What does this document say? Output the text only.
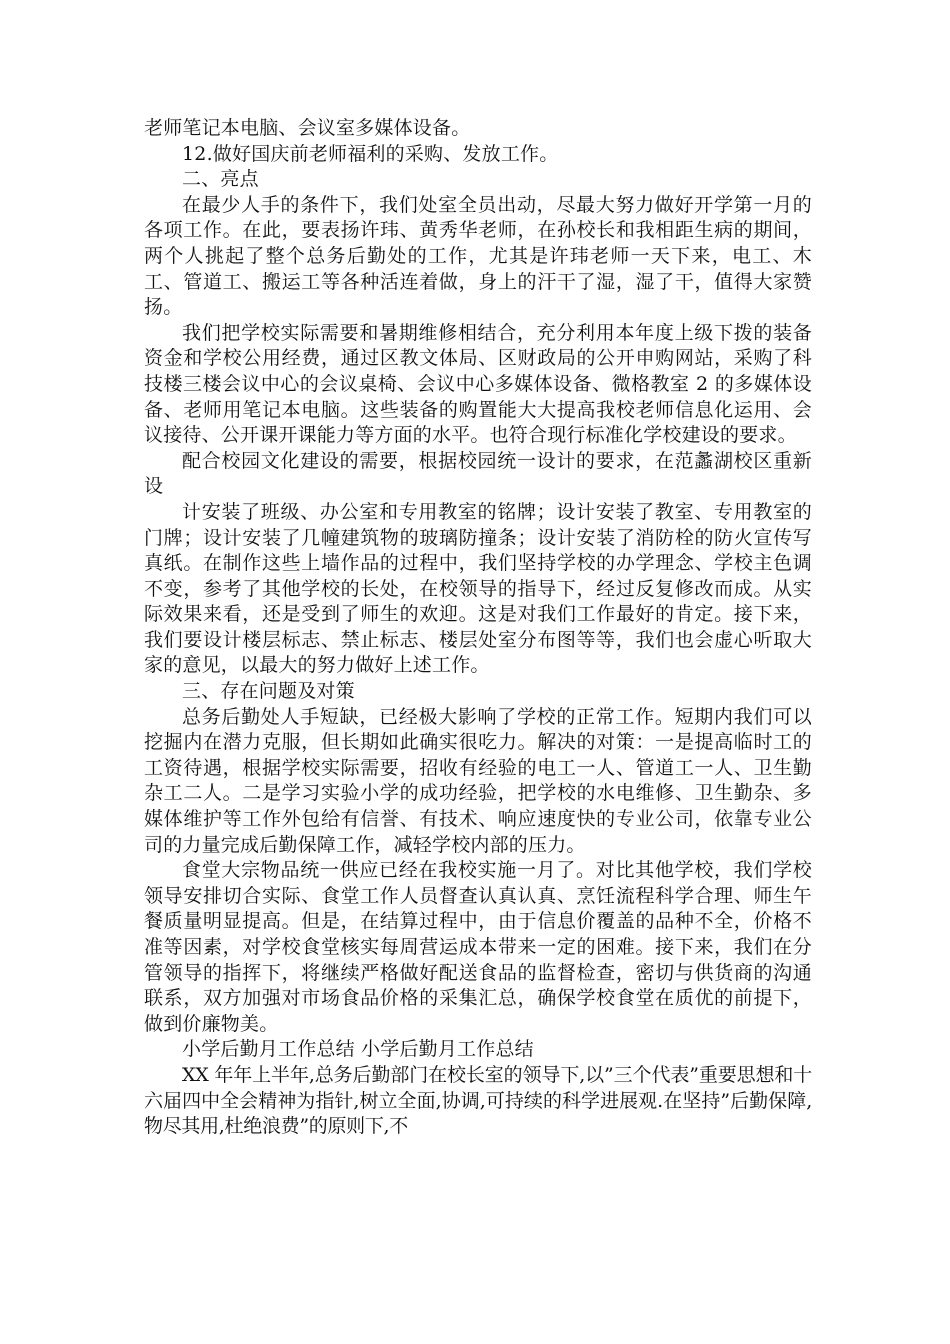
老师笔记本电脑、会议室多媒体设备。

12.做好国庆前老师福利的采购、发放工作。

二、亮点

在最少人手的条件下，我们处室全员出动，尽最大努力做好开学第一月的各项工作。在此，要表扬许玮、黄秀华老师，在孙校长和我相距生病的期间，两个人挑起了整个总务后勤处的工作，尤其是许玮老师一天下来，电工、木工、管道工、搬运工等各种活连着做，身上的汗干了湿，湿了干，值得大家赞扬。

我们把学校实际需要和暑期维修相结合，充分利用本年度上级下拨的装备资金和学校公用经费，通过区教文体局、区财政局的公开申购网站，采购了科技楼三楼会议中心的会议桌椅、会议中心多媒体设备、微格教室 2 的多媒体设备、老师用笔记本电脑。这些装备的购置能大大提高我校老师信息化运用、会议接待、公开课开课能力等方面的水平。也符合现行标准化学校建设的要求。

配合校园文化建设的需要，根据校园统一设计的要求，在范蠡湖校区重新设

计安装了班级、办公室和专用教室的铭牌；设计安装了教室、专用教室的门牌；设计安装了几幢建筑物的玻璃防撞条；设计安装了消防栓的防火宣传写真纸。在制作这些上墙作品的过程中，我们坚持学校的办学理念、学校主色调不变，参考了其他学校的长处，在校领导的指导下，经过反复修改而成。从实际效果来看，还是受到了师生的欢迎。这是对我们工作最好的肯定。接下来，我们要设计楼层标志、禁止标志、楼层处室分布图等等，我们也会虚心听取大家的意见，以最大的努力做好上述工作。

三、存在问题及对策

总务后勤处人手短缺，已经极大影响了学校的正常工作。短期内我们可以挖掘内在潜力克服，但长期如此确实很吃力。解决的对策：一是提高临时工的工资待遇，根据学校实际需要，招收有经验的电工一人、管道工一人、卫生勤杂工二人。二是学习实验小学的成功经验，把学校的水电维修、卫生勤杂、多媒体维护等工作外包给有信誉、有技术、响应速度快的专业公司，依靠专业公司的力量完成后勤保障工作，减轻学校内部的压力。

食堂大宗物品统一供应已经在我校实施一月了。对比其他学校，我们学校领导安排切合实际、食堂工作人员督查认真认真、烹饪流程科学合理、师生午餐质量明显提高。但是，在结算过程中，由于信息价覆盖的品种不全，价格不准等因素，对学校食堂核实每周营运成本带来一定的困难。接下来，我们在分管领导的指挥下，将继续严格做好配送食品的监督检查，密切与供货商的沟通联系，双方加强对市场食品价格的采集汇总，确保学校食堂在质优的前提下，做到价廉物美。

小学后勤月工作总结 小学后勤月工作总结

XX 年年上半年,总务后勤部门在校长室的领导下,以”三个代表”重要思想和十六届四中全会精神为指针,树立全面,协调,可持续的科学进展观.在坚持”后勤保障,物尽其用,杜绝浪费”的原则下,不
